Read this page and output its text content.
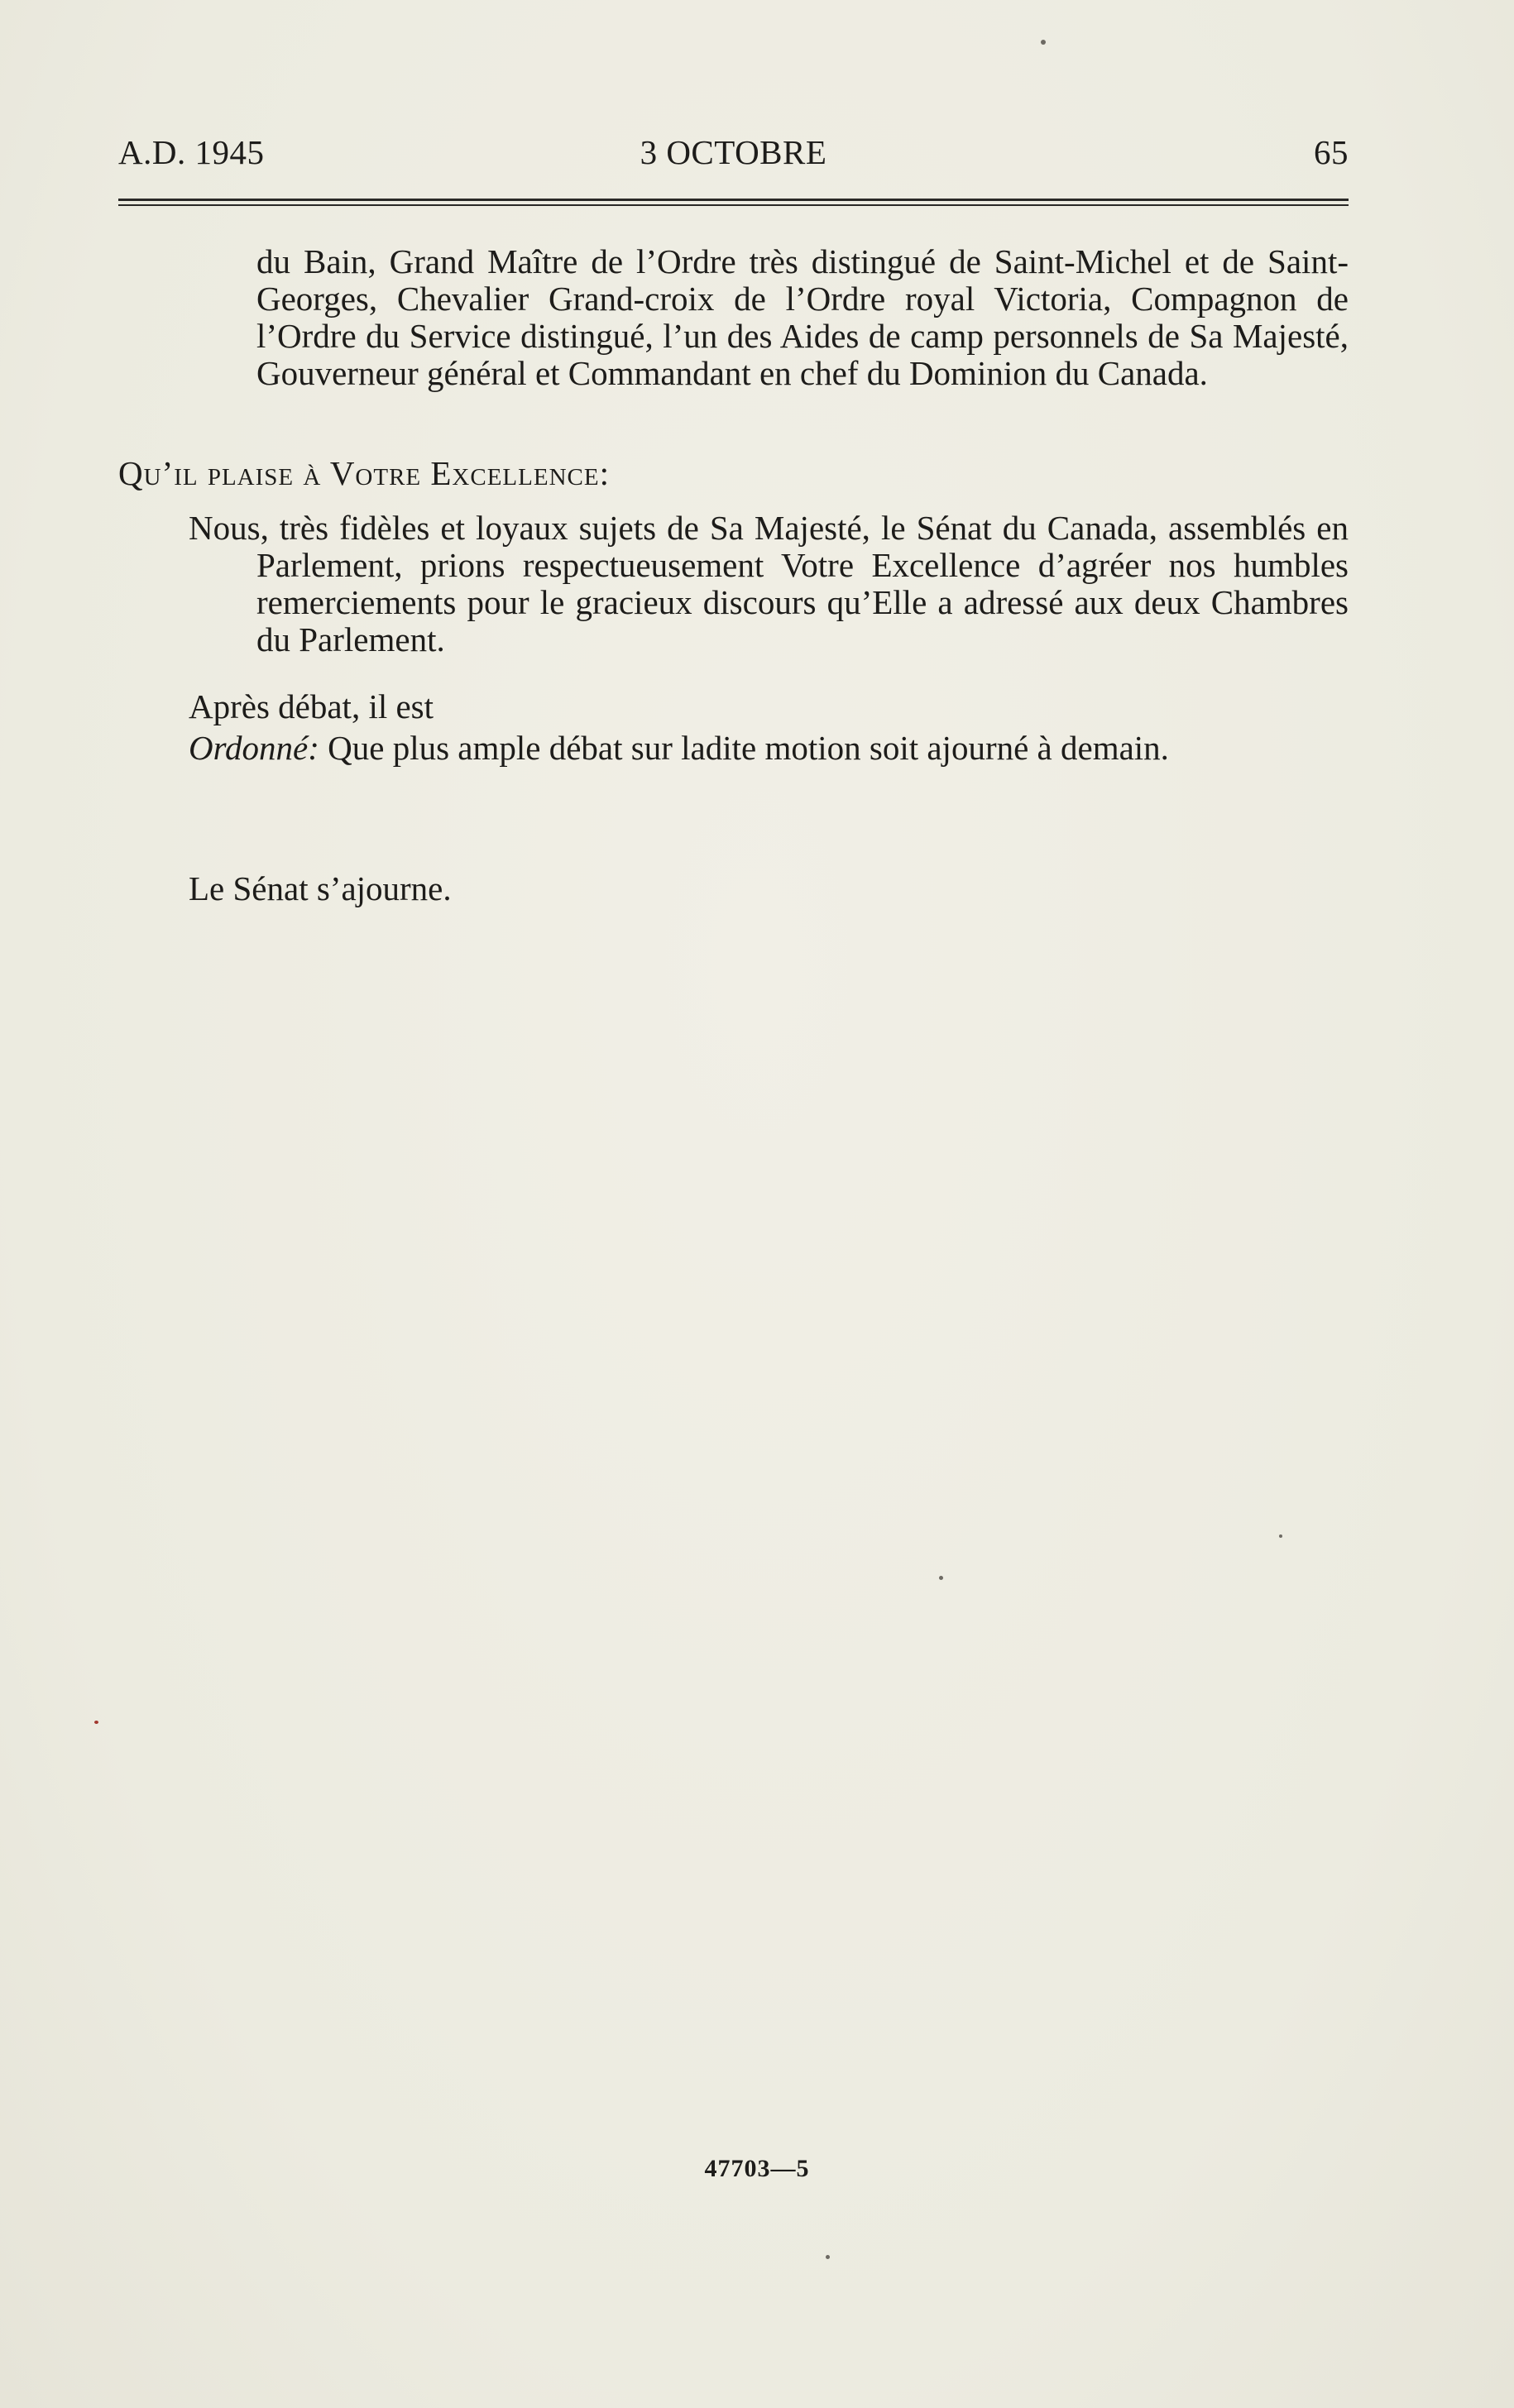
A.D. 1945	3 OCTOBRE	65
du Bain, Grand Maître de l’Ordre très distingué de Saint-Michel et de Saint-Georges, Chevalier Grand-croix de l’Ordre royal Victoria, Compagnon de l’Ordre du Service distingué, l’un des Aides de camp personnels de Sa Majesté, Gouverneur général et Commandant en chef du Dominion du Canada.
Qu’il plaise à Votre Excellence:
Nous, très fidèles et loyaux sujets de Sa Majesté, le Sénat du Canada, assemblés en Parlement, prions respectueusement Votre Excellence d’agréer nos humbles remerciements pour le gracieux discours qu’Elle a adressé aux deux Chambres du Parlement.
Après débat, il est
Ordonné: Que plus ample débat sur ladite motion soit ajourné à demain.
Le Sénat s’ajourne.
47703—5
